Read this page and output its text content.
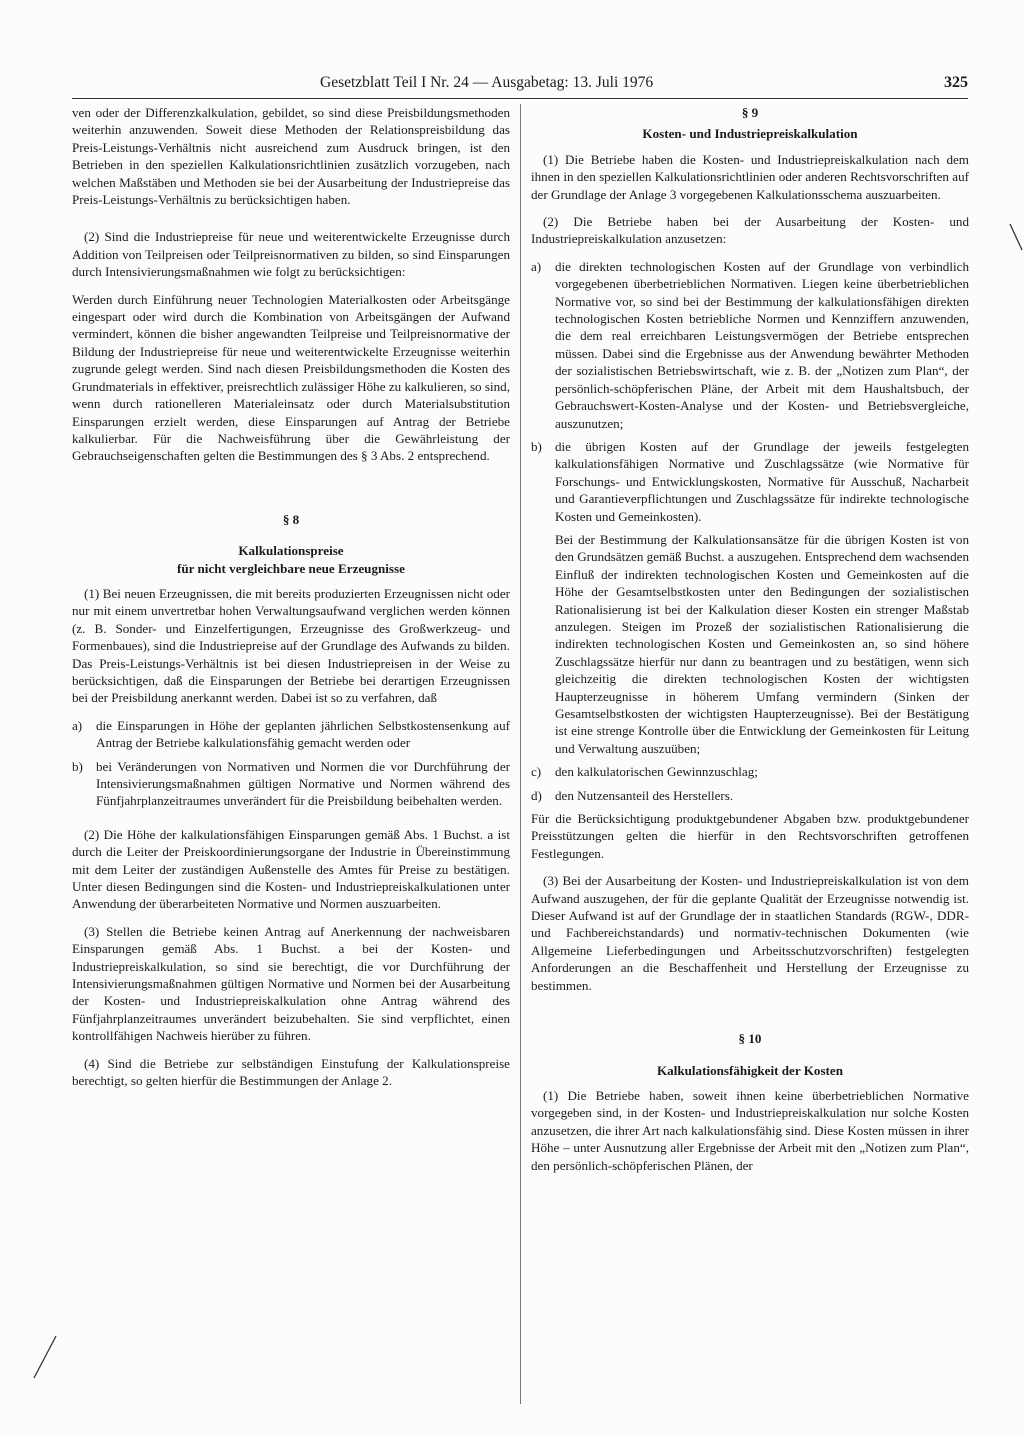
Gesetzblatt Teil I Nr. 24 — Ausgabetag: 13. Juli 1976	325

ven oder der Differenzkalkulation, gebildet, so sind diese Preisbildungsmethoden weiterhin anzuwenden. Soweit diese Methoden der Relationspreisbildung das Preis-Leistungs-Verhältnis nicht ausreichend zum Ausdruck bringen, ist den Betrieben in den speziellen Kalkulationsrichtlinien zusätzlich vorzugeben, nach welchen Maßstäben und Methoden sie bei der Ausarbeitung der Industriepreise das Preis-Leistungs-Verhältnis zu berücksichtigen haben.

(2) Sind die Industriepreise für neue und weiterentwickelte Erzeugnisse durch Addition von Teilpreisen oder Teilpreisnormativen zu bilden, so sind Einsparungen durch Intensivierungsmaßnahmen wie folgt zu berücksichtigen:

Werden durch Einführung neuer Technologien Materialkosten oder Arbeitsgänge eingespart oder wird durch die Kombination von Arbeitsgängen der Aufwand vermindert, können die bisher angewandten Teilpreise und Teilpreisnormative der Bildung der Industriepreise für neue und weiterentwickelte Erzeugnisse weiterhin zugrunde gelegt werden. Sind nach diesen Preisbildungsmethoden die Kosten des Grundmaterials in effektiver, preisrechtlich zulässiger Höhe zu kalkulieren, so sind, wenn durch rationelleren Materialeinsatz oder durch Materialsubstitution Einsparungen erzielt werden, diese Einsparungen auf Antrag der Betriebe kalkulierbar. Für die Nachweisführung über die Gewährleistung der Gebrauchseigenschaften gelten die Bestimmungen des § 3 Abs. 2 entsprechend.

§ 8
Kalkulationspreise
für nicht vergleichbare neue Erzeugnisse

(1) Bei neuen Erzeugnissen, die mit bereits produzierten Erzeugnissen nicht oder nur mit einem unvertretbar hohen Verwaltungsaufwand verglichen werden können (z. B. Sonder- und Einzelfertigungen, Erzeugnisse des Großwerkzeug- und Formenbaues), sind die Industriepreise auf der Grundlage des Aufwands zu bilden. Das Preis-Leistungs-Verhältnis ist bei diesen Industriepreisen in der Weise zu berücksichtigen, daß die Einsparungen der Betriebe bei derartigen Erzeugnissen bei der Preisbildung anerkannt werden. Dabei ist so zu verfahren, daß

a)	die Einsparungen in Höhe der geplanten jährlichen Selbstkostensenkung auf Antrag der Betriebe kalkulationsfähig gemacht werden oder
b) bei Veränderungen von Normativen und Normen die vor Durchführung der Intensivierungsmaßnahmen gültigen Normative und Normen während des Fünfjahrplanzeitraumes unverändert für die Preisbildung beibehalten werden.

(2) Die Höhe der kalkulationsfähigen Einsparungen gemäß Abs. 1 Buchst. a ist durch die Leiter der Preiskoordinierungsorgane der Industrie in Übereinstimmung mit dem Leiter der zuständigen Außenstelle des Amtes für Preise zu bestätigen. Unter diesen Bedingungen sind die Kosten- und Industriepreiskalkulationen unter Anwendung der überarbeiteten Normative und Normen auszuarbeiten.

(3) Stellen die Betriebe keinen Antrag auf Anerkennung der nachweisbaren Einsparungen gemäß Abs. 1 Buchst. a bei der Kosten- und Industriepreiskalkulation, so sind sie berechtigt, die vor Durchführung der Intensivierungsmaßnahmen gültigen Normative und Normen bei der Ausarbeitung der Kosten- und Industriepreiskalkulation ohne Antrag während des Fünfjahrplanzeitraumes unverändert beizubehalten. Sie sind verpflichtet, einen kontrollfähigen Nachweis hierüber zu führen.

(4) Sind die Betriebe zur selbständigen Einstufung der Kalkulationspreise berechtigt, so gelten hierfür die Bestimmungen der Anlage 2.

§ 9
Kosten- und Industriepreiskalkulation

(1) Die Betriebe haben die Kosten- und Industriepreiskalkulation nach dem ihnen in den speziellen Kalkulationsrichtlinien oder anderen Rechtsvorschriften auf der Grundlage der Anlage 3 vorgegebenen Kalkulationsschema auszuarbeiten.

(2) Die Betriebe haben bei der Ausarbeitung der Kosten- und Industriepreiskalkulation anzusetzen:

a)	die direkten technologischen Kosten auf der Grundlage von verbindlich vorgegebenen überbetrieblichen Normativen. Liegen keine überbetrieblichen Normative vor, so sind bei der Bestimmung der kalkulationsfähigen direkten technologischen Kosten betriebliche Normen und Kennziffern anzuwenden, die dem real erreichbaren Leistungsvermögen der Betriebe entsprechen müssen. Dabei sind die Ergebnisse aus der Anwendung bewährter Methoden der sozialistischen Betriebswirtschaft, wie z. B. der „Notizen zum Plan“, der persönlich-schöpferischen Pläne, der Arbeit mit dem Haushaltsbuch, der Gebrauchswert-Kosten-Analyse und der Kosten- und Betriebsvergleiche, auszunutzen;
b) die übrigen Kosten auf der Grundlage der jeweils festgelegten kalkulationsfähigen Normative und Zuschlagssätze (wie Normative für Forschungs- und Entwicklungskosten, Normative für Ausschuß, Nacharbeit und Garantieverpflichtungen und Zuschlagssätze für indirekte technologische Kosten und Gemeinkosten).

Bei der Bestimmung der Kalkulationsansätze für die übrigen Kosten ist von den Grundsätzen gemäß Buchst. a auszugehen. Entsprechend dem wachsenden Einfluß der indirekten technologischen Kosten und Gemeinkosten auf die Höhe der Gesamtselbstkosten unter den Bedingungen der sozialistischen Rationalisierung ist bei der Kalkulation dieser Kosten ein strenger Maßstab anzulegen. Steigen im Prozeß der sozialistischen Rationalisierung die indirekten technologischen Kosten und Gemeinkosten an, so sind höhere Zuschlagssätze hierfür nur dann zu beantragen und zu bestätigen, wenn sich gleichzeitig die direkten technologischen Kosten der wichtigsten Haupterzeugnisse in höherem Umfang vermindern (Sinken der Gesamtselbstkosten der wichtigsten Haupterzeugnisse). Bei der Bestätigung ist eine strenge Kontrolle über die Entwicklung der Gemeinkosten für Leitung und Verwaltung auszuüben;

c)	den kalkulatorischen Gewinnzuschlag;
d) den Nutzensanteil des Herstellers.

Für die Berücksichtigung produktgebundener Abgaben bzw. produktgebundener Preisstützungen gelten die hierfür in den Rechtsvorschriften getroffenen Festlegungen.

(3) Bei der Ausarbeitung der Kosten- und Industriepreiskalkulation ist von dem Aufwand auszugehen, der für die geplante Qualität der Erzeugnisse notwendig ist. Dieser Aufwand ist auf der Grundlage der in staatlichen Standards (RGW-, DDR- und Fachbereichstandards) und normativ-technischen Dokumenten (wie Allgemeine Lieferbedingungen und Arbeitsschutzvorschriften) festgelegten Anforderungen an die Beschaffenheit und Herstellung der Erzeugnisse zu bestimmen.

§ 10
Kalkulationsfähigkeit der Kosten

(1) Die Betriebe haben, soweit ihnen keine überbetrieblichen Normative vorgegeben sind, in der Kosten- und Industriepreiskalkulation nur solche Kosten anzusetzen, die ihrer Art nach kalkulationsfähig sind. Diese Kosten müssen in ihrer Höhe – unter Ausnutzung aller Ergebnisse der Arbeit mit den „Notizen zum Plan“, den persönlich-schöpferischen Plänen, der
